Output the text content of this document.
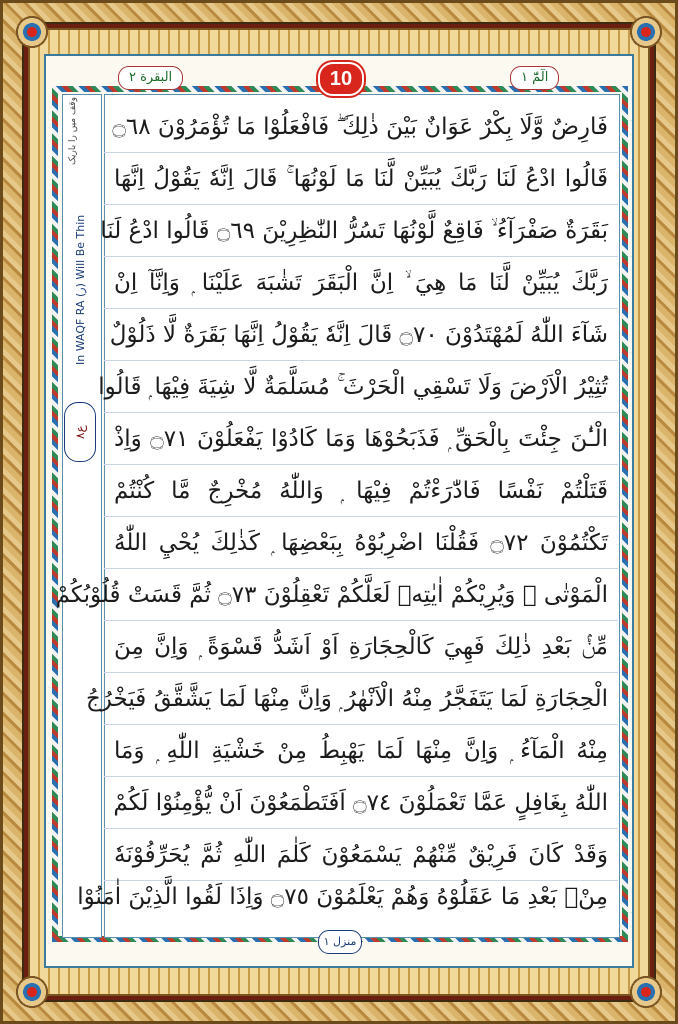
البقرة ٢	10	الٓمّٓ ١
وقف میں را باریک
In WAQF RA (ر) Will Be Thin
ع٨
فَارِضٌ وَّلَا بِكْرٌ عَوَانٌ بَيْنَ ذٰلِكَ ۖ فَافْعَلُوْا مَا تُؤْمَرُوْنَ ۝٦٨
قَالُوا ادْعُ لَنَا رَبَّكَ يُبَيِّنْ لَّنَا مَا لَوْنُهَا ۚ قَالَ اِنَّهٗ يَقُوْلُ اِنَّهَا
بَقَرَةٌ صَفْرَآءُ ۙ فَاقِعٌ لَّوْنُهَا تَسُرُّ النّٰظِرِيْنَ ۝٦٩ قَالُوا ادْعُ لَنَا
رَبَّكَ يُبَيِّنْ لَّنَا مَا هِيَ ۙ اِنَّ الْبَقَرَ تَشٰبَهَ عَلَيْنَا ۭ وَاِنَّآ اِنْ
شَآءَ اللّٰهُ لَمُهْتَدُوْنَ ۝٧٠ قَالَ اِنَّهٗ يَقُوْلُ اِنَّهَا بَقَرَةٌ لَّا ذَلُوْلٌ
تُثِيْرُ الْاَرْضَ وَلَا تَسْقِي الْحَرْثَ ۚ مُسَلَّمَةٌ لَّا شِيَةَ فِيْهَا ۭ قَالُوا
الْـٰٔنَ جِئْتَ بِالْحَقِّ ۭ فَذَبَحُوْهَا وَمَا كَادُوْا يَفْعَلُوْنَ ۝٧١ وَاِذْ
قَتَلْتُمْ نَفْسًا فَادّٰرَءْتُمْ فِيْهَا ۭ وَاللّٰهُ مُخْرِجٌ مَّا كُنْتُمْ
تَكْتُمُوْنَ ۝٧٢ فَقُلْنَا اضْرِبُوْهُ بِبَعْضِهَا ۭ كَذٰلِكَ يُحْيِ اللّٰهُ
الْمَوْتٰى ۙ وَيُرِيْكُمْ اٰيٰتِهٖ لَعَلَّكُمْ تَعْقِلُوْنَ ۝٧٣ ثُمَّ قَسَتْ قُلُوْبُكُمْ
مِّنْۢ بَعْدِ ذٰلِكَ فَهِيَ كَالْحِجَارَةِ اَوْ اَشَدُّ قَسْوَةً ۭ وَاِنَّ مِنَ
الْحِجَارَةِ لَمَا يَتَفَجَّرُ مِنْهُ الْاَنْهٰرُ ۭ وَاِنَّ مِنْهَا لَمَا يَشَّقَّقُ فَيَخْرُجُ
مِنْهُ الْمَآءُ ۭ وَاِنَّ مِنْهَا لَمَا يَهْبِطُ مِنْ خَشْيَةِ اللّٰهِ ۭ وَمَا
اللّٰهُ بِغَافِلٍ عَمَّا تَعْمَلُوْنَ ۝٧٤ اَفَتَطْمَعُوْنَ اَنْ يُّؤْمِنُوْا لَكُمْ
وَقَدْ كَانَ فَرِيْقٌ مِّنْهُمْ يَسْمَعُوْنَ كَلٰمَ اللّٰهِ ثُمَّ يُحَرِّفُوْنَهٗ
مِنْۢ بَعْدِ مَا عَقَلُوْهُ وَهُمْ يَعْلَمُوْنَ ۝٧٥ وَاِذَا لَقُوا الَّذِيْنَ اٰمَنُوْا
منزل ١
